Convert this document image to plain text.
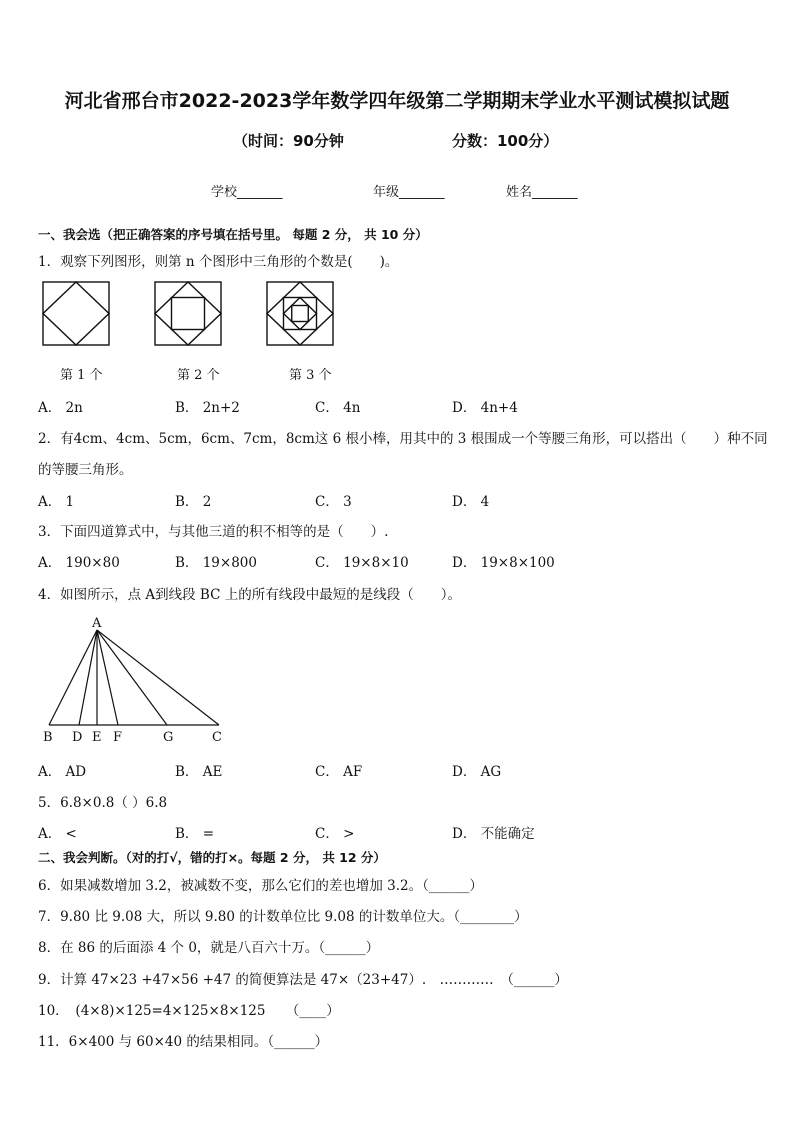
河北省邢台市2022-2023学年数学四年级第二学期期末学业水平测试模拟试题
（时间：90分钟	分数：100分）
学校_______	年级_______	姓名_______
一、我会选（把正确答案的序号填在括号里。 每题 2 分， 共 10 分）
1．观察下列图形，则第 n 个图形中三角形的个数是(　　)。
第 1 个	第 2 个	第 3 个
A． 2n	B． 2n+2	C． 4n	D． 4n+4
2．有4cm、4cm、5cm，6cm、7cm，8cm这 6 根小棒，用其中的 3 根围成一个等腰三角形，可以搭出（　　）种不同
的等腰三角形。
A． 1	B． 2	C． 3	D． 4
3．下面四道算式中，与其他三道的积不相等的是（　　）.
A． 190×80	B． 19×800	C． 19×8×10	D． 19×8×100
4．如图所示，点 A到线段 BC 上的所有线段中最短的是线段（　　）。
A
B D E F	G	C
A． AD	B． AE	C． AF	D． AG
5．6.8×0.8（ ）6.8
A． <	B． =	C． >	D． 不能确定
二、我会判断。（对的打√，错的打×。每题 2 分， 共 12 分）
6．如果减数增加 3.2，被减数不变，那么它们的差也增加 3.2。（______）
7．9.80 比 9.08 大，所以 9.80 的计数单位比 9.08 的计数单位大。（________）
8．在 86 的后面添 4 个 0，就是八百六十万。（______）
9．计算 47×23 +47×56 +47 的简便算法是 47×（23+47）.　…………　（______）
10．　(4×8)×125=4×125×8×125　　（____）
11．6×400 与 60×40 的结果相同。（______）
